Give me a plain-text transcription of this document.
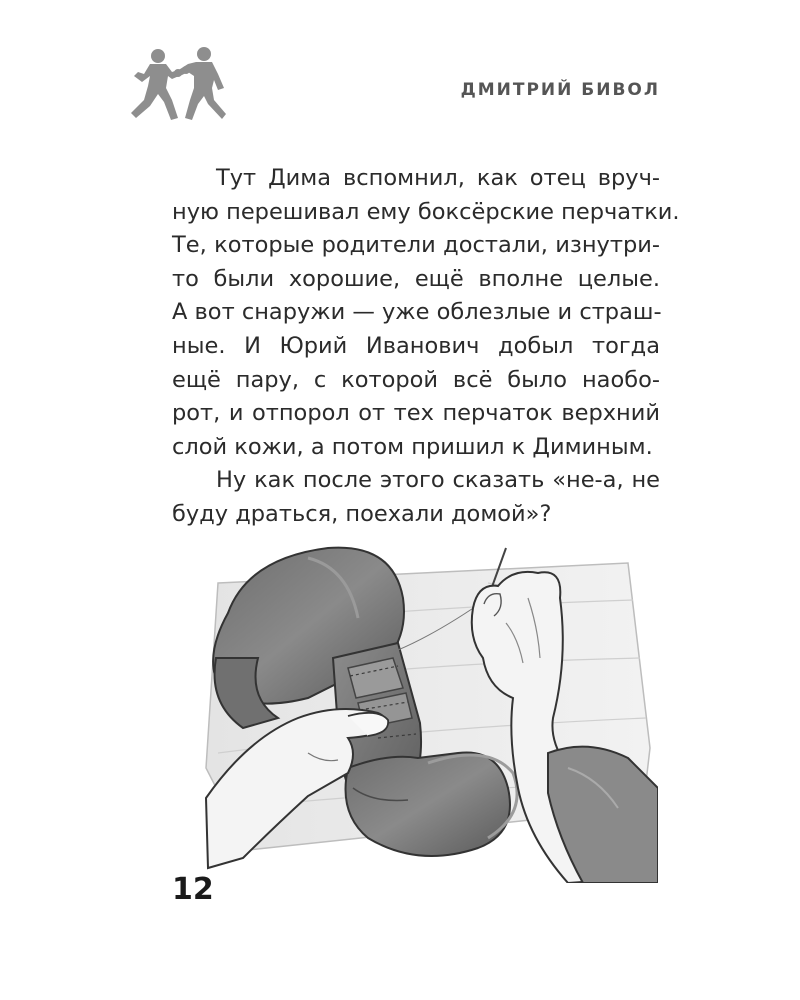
ДМИТРИЙ БИВОЛ
Тут Дима вспомнил, как отец вруч-
ную перешивал ему боксёрские перчатки.
Те, которые родители достали, изнутри-
то были хорошие, ещё вполне целые.
А вот снаружи — уже облезлые и страш-
ные. И Юрий Иванович добыл тогда
ещё пару, с которой всё было наобо-
рот, и отпорол от тех перчаток верхний
слой кожи, а потом пришил к Диминым.
Ну как после этого сказать «не-а, не
буду драться, поехали домой»?
12
